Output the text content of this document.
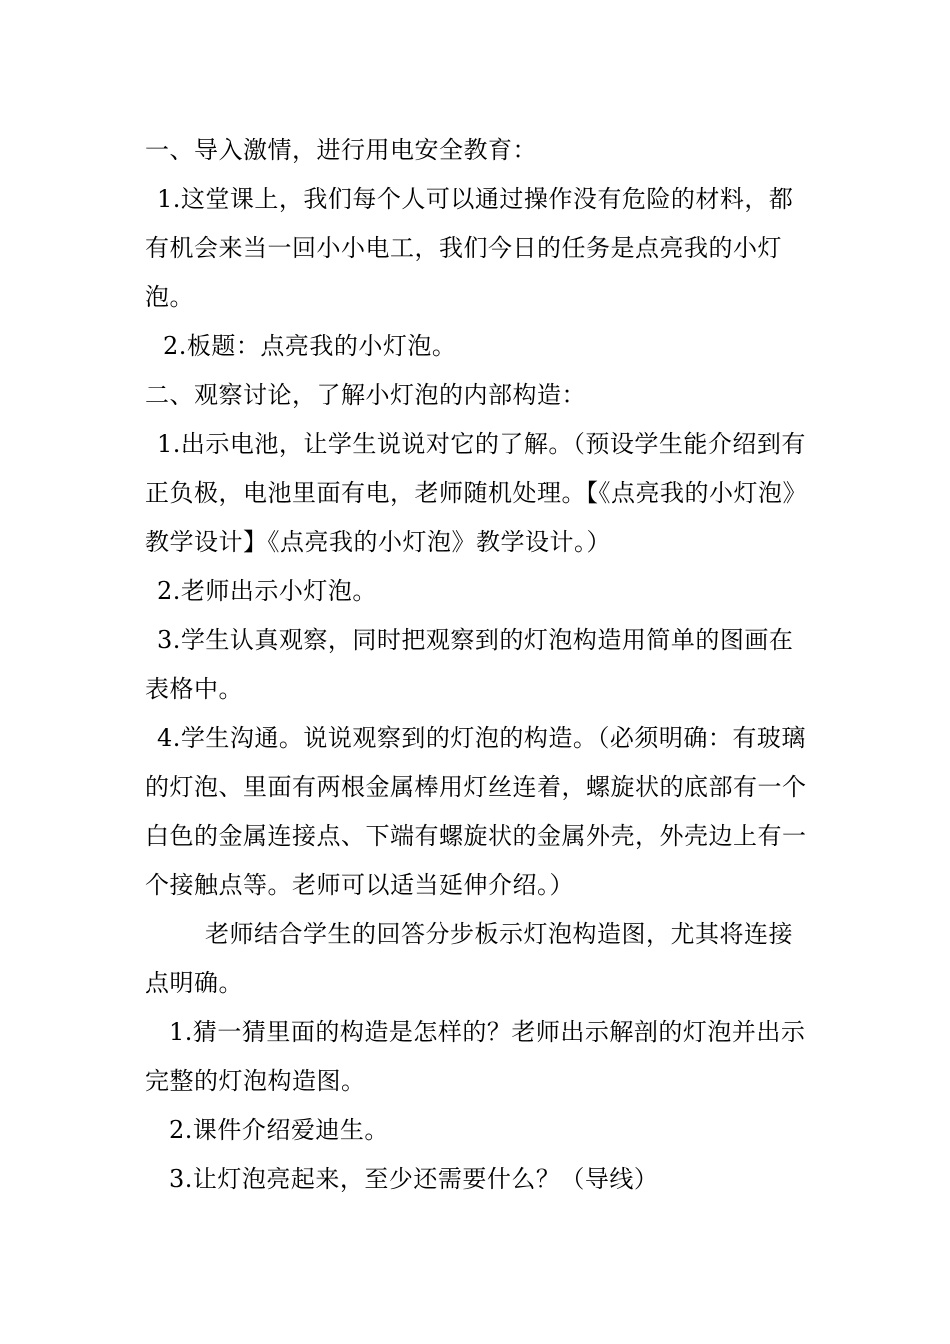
一、导入激情，进行用电安全教育：
1.这堂课上，我们每个人可以通过操作没有危险的材料，都有机会来当一回小小电工，我们今日的任务是点亮我的小灯泡。
2.板题：点亮我的小灯泡。
二、观察讨论，了解小灯泡的内部构造：
1.出示电池，让学生说说对它的了解。（预设学生能介绍到有正负极，电池里面有电，老师随机处理。【《点亮我的小灯泡》教学设计】《点亮我的小灯泡》教学设计。）
2.老师出示小灯泡。
3.学生认真观察，同时把观察到的灯泡构造用简单的图画在表格中。
4.学生沟通。说说观察到的灯泡的构造。（必须明确：有玻璃的灯泡、里面有两根金属棒用灯丝连着，螺旋状的底部有一个白色的金属连接点、下端有螺旋状的金属外壳，外壳边上有一个接触点等。老师可以适当延伸介绍。）
老师结合学生的回答分步板示灯泡构造图，尤其将连接点明确。
1.猜一猜里面的构造是怎样的？老师出示解剖的灯泡并出示完整的灯泡构造图。
2.课件介绍爱迪生。
3.让灯泡亮起来，至少还需要什么？（导线）
